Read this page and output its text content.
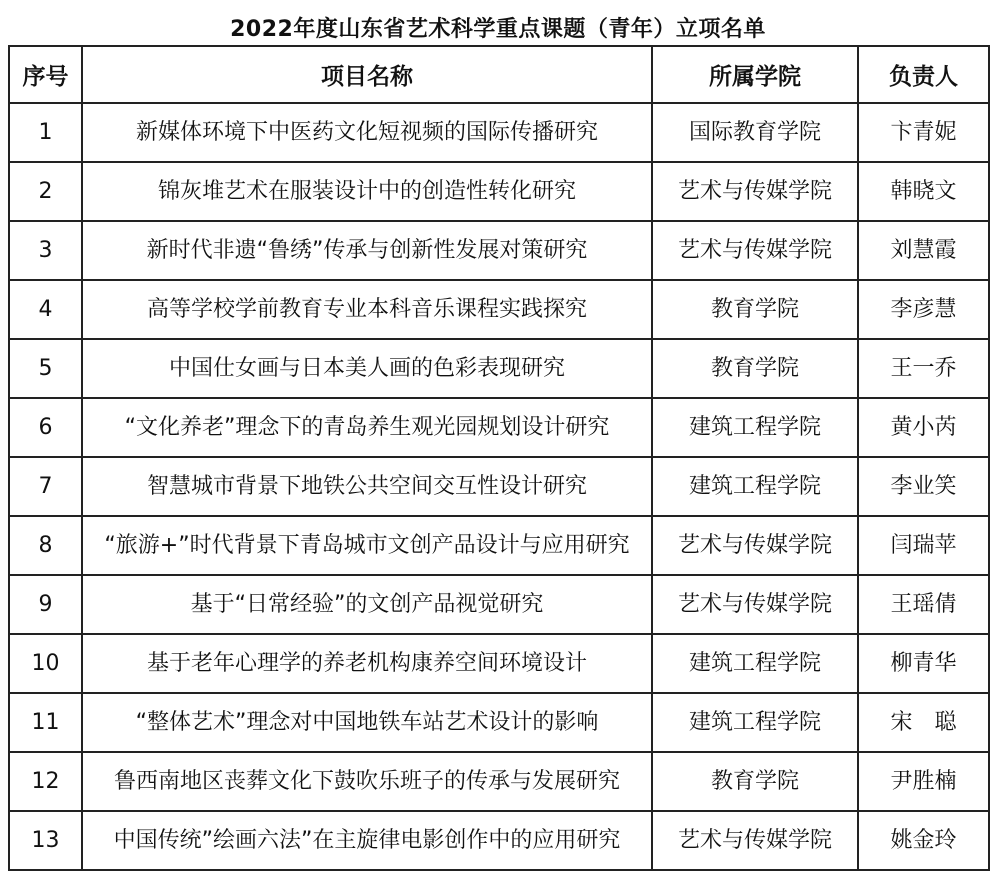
2022年度山东省艺术科学重点课题（青年）立项名单
序号	项目名称	所属学院	负责人
1	新媒体环境下中医药文化短视频的国际传播研究	国际教育学院	卞青妮
2	锦灰堆艺术在服装设计中的创造性转化研究	艺术与传媒学院	韩晓文
3	新时代非遗“鲁绣”传承与创新性发展对策研究	艺术与传媒学院	刘慧霞
4	高等学校学前教育专业本科音乐课程实践探究	教育学院	李彦慧
5	中国仕女画与日本美人画的色彩表现研究	教育学院	王一乔
6	“文化养老”理念下的青岛养生观光园规划设计研究	建筑工程学院	黄小芮
7	智慧城市背景下地铁公共空间交互性设计研究	建筑工程学院	李业笑
8	“旅游+”时代背景下青岛城市文创产品设计与应用研究	艺术与传媒学院	闫瑞苹
9	基于“日常经验”的文创产品视觉研究	艺术与传媒学院	王瑶倩
10	基于老年心理学的养老机构康养空间环境设计	建筑工程学院	柳青华
11	“整体艺术”理念对中国地铁车站艺术设计的影响	建筑工程学院	宋　聪
12	鲁西南地区丧葬文化下鼓吹乐班子的传承与发展研究	教育学院	尹胜楠
13	中国传统”绘画六法”在主旋律电影创作中的应用研究	艺术与传媒学院	姚金玲
